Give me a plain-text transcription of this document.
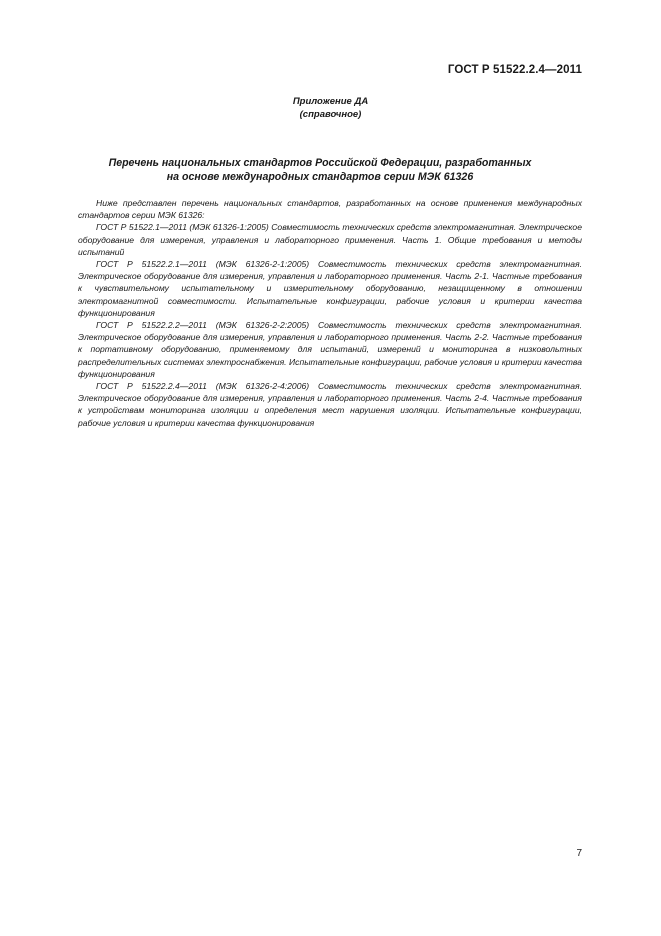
ГОСТ Р 51522.2.4—2011
Приложение ДА
(справочное)
Перечень национальных стандартов Российской Федерации, разработанных
на основе международных стандартов серии МЭК 61326

Ниже представлен перечень национальных стандартов, разработанных на основе применения международных стандартов серии МЭК 61326:

ГОСТ Р 51522.1—2011 (МЭК 61326-1:2005) Совместимость технических средств электромагнитная. Электрическое оборудование для измерения, управления и лабораторного применения. Часть 1. Общие требования и методы испытаний

ГОСТ Р 51522.2.1—2011 (МЭК 61326-2-1:2005) Совместимость технических средств электромагнитная. Электрическое оборудование для измерения, управления и лабораторного применения. Часть 2-1. Частные требования к чувствительному испытательному и измерительному оборудованию, незащищенному в отношении электромагнитной совместимости. Испытательные конфигурации, рабочие условия и критерии качества функционирования

ГОСТ Р 51522.2.2—2011 (МЭК 61326-2-2:2005) Совместимость технических средств электромагнитная. Электрическое оборудование для измерения, управления и лабораторного применения. Часть 2-2. Частные требования к портативному оборудованию, применяемому для испытаний, измерений и мониторинга в низковольтных распределительных системах электроснабжения. Испытательные конфигурации, рабочие условия и критерии качества функционирования

ГОСТ Р 51522.2.4—2011 (МЭК 61326-2-4:2006) Совместимость технических средств электромагнитная. Электрическое оборудование для измерения, управления и лабораторного применения. Часть 2-4. Частные требования к устройствам мониторинга изоляции и определения мест нарушения изоляции. Испытательные конфигурации, рабочие условия и критерии качества функционирования

7
